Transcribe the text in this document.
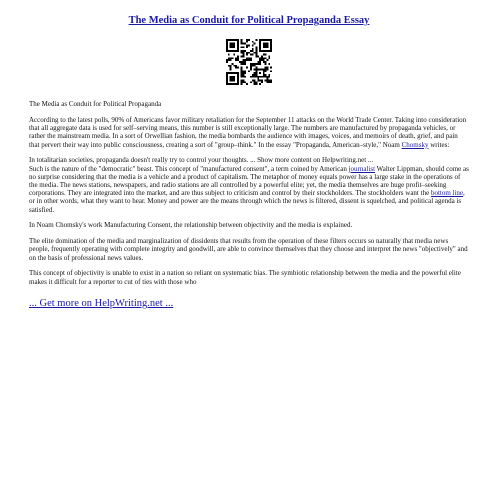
The Media as Conduit for Political Propaganda Essay
The Media as Conduit for Political Propaganda

According to the latest polls, 90% of Americans favor military retaliation for the September 11 attacks on the World Trade Center. Taking into consideration that all aggregate data is used for self–serving means, this number is still exceptionally large. The numbers are manufactured by propaganda vehicles, or rather the mainstream media. In a sort of Orwellian fashion, the media bombards the audience with images, voices, and memoirs of death, grief, and pain that pervert their way into public consciousness, creating a sort of "group–think." In the essay "Propaganda, American–style," Noam Chomsky writes:

In totalitarian societies, propaganda doesn't really try to control your thoughts. ... Show more content on Helpwriting.net ...
Such is the nature of the "democratic" beast. This concept of "manufactured consent", a term coined by American journalist Walter Lippman, should come as no surprise considering that the media is a vehicle and a product of capitalism. The metaphor of money equals power has a large stake in the operations of the media. The news stations, newspapers, and radio stations are all controlled by a powerful elite; yet, the media themselves are huge profit–seeking corporations. They are integrated into the market, and are thus subject to criticism and control by their stockholders. The stockholders want the bottom line, or in other words, what they want to hear. Money and power are the means through which the news is filtered, dissent is squelched, and political agenda is satisfied.

In Noam Chomsky's work Manufacturing Consent, the relationship between objectivity and the media is explained.

The elite domination of the media and marginalization of dissidents that results from the operation of these filters occurs so naturally that media news people, frequently operating with complete integrity and goodwill, are able to convince themselves that they choose and interpret the news "objectively" and on the basis of professional news values.

This concept of objectivity is unable to exist in a nation so reliant on systematic bias. The symbiotic relationship between the media and the powerful elite makes it difficult for a reporter to cut of ties with those who

... Get more on HelpWriting.net ...
